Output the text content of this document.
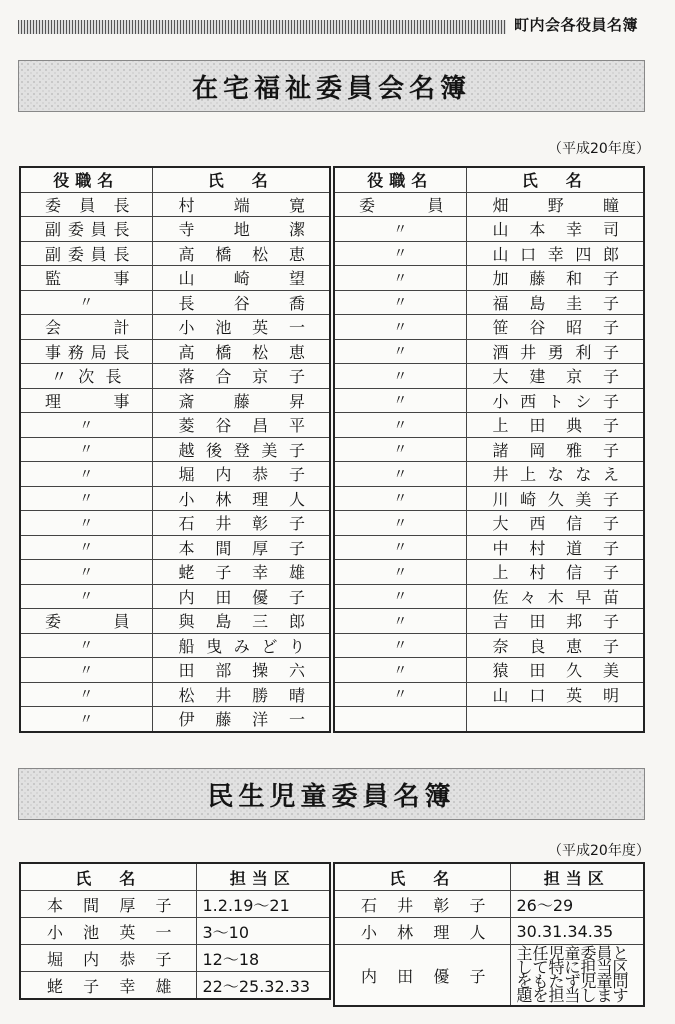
町内会各役員名簿
在宅福祉委員会名簿
（平成20年度）
役職名	氏　名
委員長	村端寛
副委員長	寺地潔
副委員長	高橋松恵
監事	山崎望
〃	長谷喬
会計	小池英一
事務局長	高橋松恵
〃次長	落合京子
理事	斎藤昇
〃	菱谷昌平
〃	越後登美子
〃	堀内恭子
〃	小林理人
〃	石井彰子
〃	本間厚子
〃	蛯子幸雄
〃	内田優子
委員	與島三郎
〃	船曳みどり
〃	田部操六
〃	松井勝晴
〃	伊藤洋一
役職名	氏　名
委員	畑野瞳
〃	山本幸司
〃	山口幸四郎
〃	加藤和子
〃	福島圭子
〃	笹谷昭子
〃	酒井勇利子
〃	大建京子
〃	小西トシ子
〃	上田典子
〃	諸岡雅子
〃	井上ななえ
〃	川崎久美子
〃	大西信子
〃	中村道子
〃	上村信子
〃	佐々木早苗
〃	吉田邦子
〃	奈良恵子
〃	猿田久美
〃	山口英明

民生児童委員名簿
（平成20年度）
氏　名	担当区
本間厚子	1.2.19〜21
小池英一	3〜10
堀内恭子	12〜18
蛯子幸雄	22〜25.32.33
氏　名	担当区
石井彰子	26〜29
小林理人	30.31.34.35
内田優子	主任児童委員として特に担当区をもたず児童問題を担当します
